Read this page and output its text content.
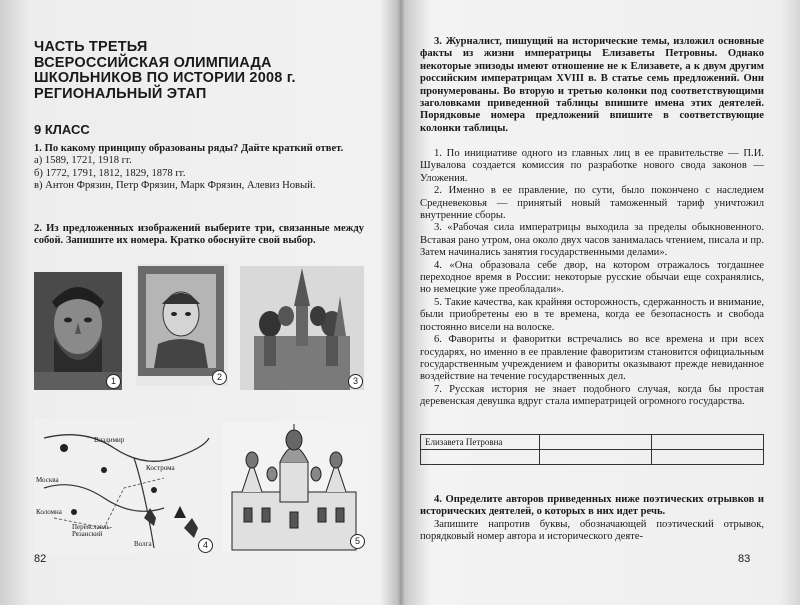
ЧАСТЬ ТРЕТЬЯ
ВСЕРОССИЙСКАЯ ОЛИМПИАДА
ШКОЛЬНИКОВ ПО ИСТОРИИ 2008 г.
РЕГИОНАЛЬНЫЙ ЭТАП
9 КЛАСС
1. По какому принципу образованы ряды? Дайте краткий ответ.
а) 1589, 1721, 1918 гг.
б) 1772, 1791, 1812, 1829, 1878 гг.
в) Антон Фрязин, Петр Фрязин, Марк Фрязин, Алевиз Новый.
2. Из предложенных изображений выберите три, связанные между собой. Запишите их номера. Кратко обоснуйте свой выбор.
1	2	3
Владимир
Кострома
Москва
Коломна
Переяславль-Рязанский
Волга	4	5
82

3. Журналист, пишущий на исторические темы, изложил основные факты из жизни императрицы Елизаветы Петровны. Однако некоторые эпизоды имеют отношение не к Елизавете, а к двум другим российским императрицам XVIII в. В статье семь предложений. Они пронумерованы. Во вторую и третью колонки под соответствующими заголовками приведенной таблицы впишите имена этих деятелей. Порядковые номера предложений впишите в соответствующие колонки таблицы.

1. По инициативе одного из главных лиц в ее правительстве — П.И. Шувалова создается комиссия по разработке нового свода законов — Уложения.

2. Именно в ее правление, по сути, было покончено с наследием Средневековья — принятый новый таможенный тариф уничтожил внутренние сборы.

3. «Рабочая сила императрицы выходила за пределы обыкновенного. Вставая рано утром, она около двух часов занималась чтением, писала и пр. Затем начинались занятия государственными делами».

4. «Она образовала себе двор, на котором отражалось тогдашнее переходное время в России: некоторые русские обычаи еще сохранялись, но немецкие уже преобладали».

5. Такие качества, как крайняя осторожность, сдержанность и внимание, были приобретены ею в те времена, когда ее безопасность и свобода постоянно висели на волоске.

6. Фавориты и фаворитки встречались во все времена и при всех государях, но именно в ее правление фаворитизм становится официальным государственным учреждением и фавориты оказывают прежде невиданное воздействие на течение государственных дел.

7. Русская история не знает подобного случая, когда бы простая деревенская девушка вдруг стала императрицей огромного государства.

Елизавета Петровна		

4. Определите авторов приведенных ниже поэтических отрывков и исторических деятелей, о которых в них идет речь.

Запишите напротив буквы, обозначающей поэтический отрывок, порядковый номер автора и исторического деяте-

83
